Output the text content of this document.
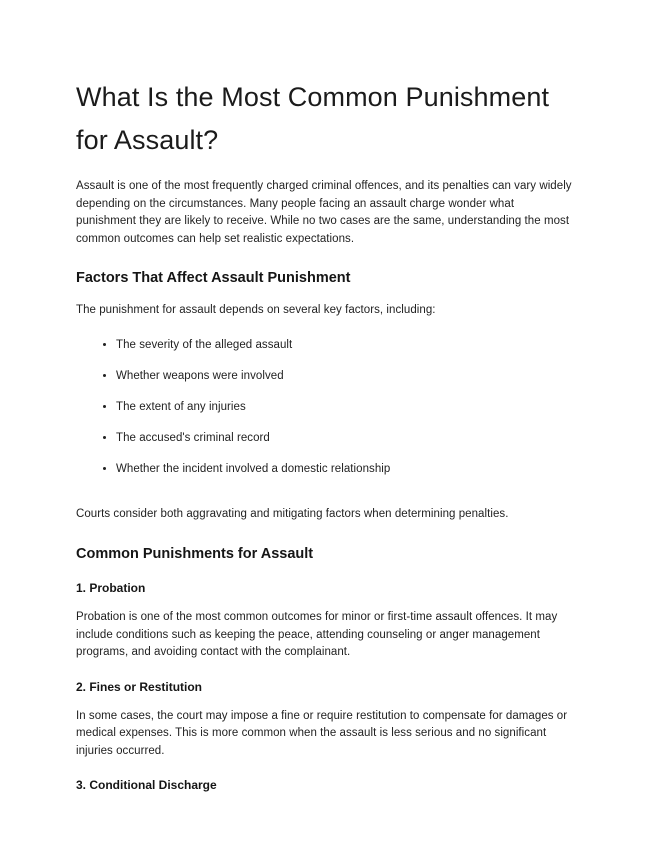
What Is the Most Common Punishment for Assault?

Assault is one of the most frequently charged criminal offences, and its penalties can vary widely depending on the circumstances. Many people facing an assault charge wonder what punishment they are likely to receive. While no two cases are the same, understanding the most common outcomes can help set realistic expectations.

Factors That Affect Assault Punishment

The punishment for assault depends on several key factors, including:

• The severity of the alleged assault
• Whether weapons were involved
• The extent of any injuries
• The accused's criminal record
• Whether the incident involved a domestic relationship

Courts consider both aggravating and mitigating factors when determining penalties.

Common Punishments for Assault
1. Probation

Probation is one of the most common outcomes for minor or first-time assault offences. It may include conditions such as keeping the peace, attending counseling or anger management programs, and avoiding contact with the complainant.

2. Fines or Restitution

In some cases, the court may impose a fine or require restitution to compensate for damages or medical expenses. This is more common when the assault is less serious and no significant injuries occurred.

3. Conditional Discharge
